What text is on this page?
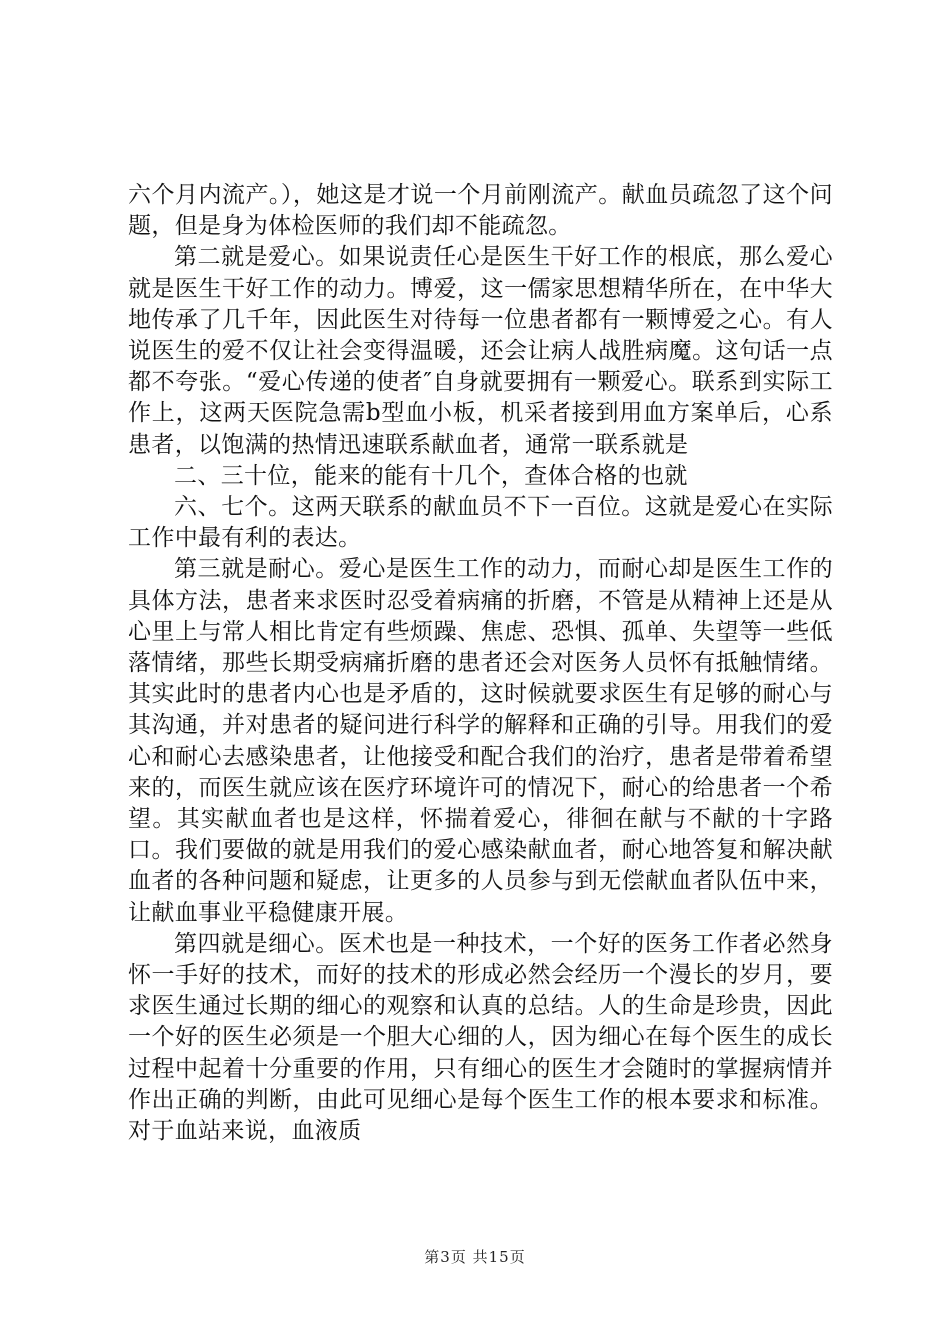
六个月内流产。），她这是才说一个月前刚流产。献血员疏忽了这个问题，但是身为体检医师的我们却不能疏忽。

第二就是爱心。如果说责任心是医生干好工作的根底，那么爱心就是医生干好工作的动力。博爱，这一儒家思想精华所在，在中华大地传承了几千年，因此医生对待每一位患者都有一颗博爱之心。有人说医生的爱不仅让社会变得温暖，还会让病人战胜病魔。这句话一点都不夸张。“爱心传递的使者″自身就要拥有一颗爱心。联系到实际工作上，这两天医院急需b型血小板，机采者接到用血方案单后，心系患者，以饱满的热情迅速联系献血者，通常一联系就是

二、三十位，能来的能有十几个，查体合格的也就

六、七个。这两天联系的献血员不下一百位。这就是爱心在实际工作中最有利的表达。

第三就是耐心。爱心是医生工作的动力，而耐心却是医生工作的具体方法，患者来求医时忍受着病痛的折磨，不管是从精神上还是从心里上与常人相比肯定有些烦躁、焦虑、恐惧、孤单、失望等一些低落情绪，那些长期受病痛折磨的患者还会对医务人员怀有抵触情绪。其实此时的患者内心也是矛盾的，这时候就要求医生有足够的耐心与其沟通，并对患者的疑问进行科学的解释和正确的引导。用我们的爱心和耐心去感染患者，让他接受和配合我们的治疗，患者是带着希望来的，而医生就应该在医疗环境许可的情况下，耐心的给患者一个希望。其实献血者也是这样，怀揣着爱心，徘徊在献与不献的十字路口。我们要做的就是用我们的爱心感染献血者，耐心地答复和解决献血者的各种问题和疑虑，让更多的人员参与到无偿献血者队伍中来，让献血事业平稳健康开展。

第四就是细心。医术也是一种技术，一个好的医务工作者必然身怀一手好的技术，而好的技术的形成必然会经历一个漫长的岁月，要求医生通过长期的细心的观察和认真的总结。人的生命是珍贵，因此一个好的医生必须是一个胆大心细的人，因为细心在每个医生的成长过程中起着十分重要的作用，只有细心的医生才会随时的掌握病情并作出正确的判断，由此可见细心是每个医生工作的根本要求和标准。对于血站来说，血液质

第3页 共15页
